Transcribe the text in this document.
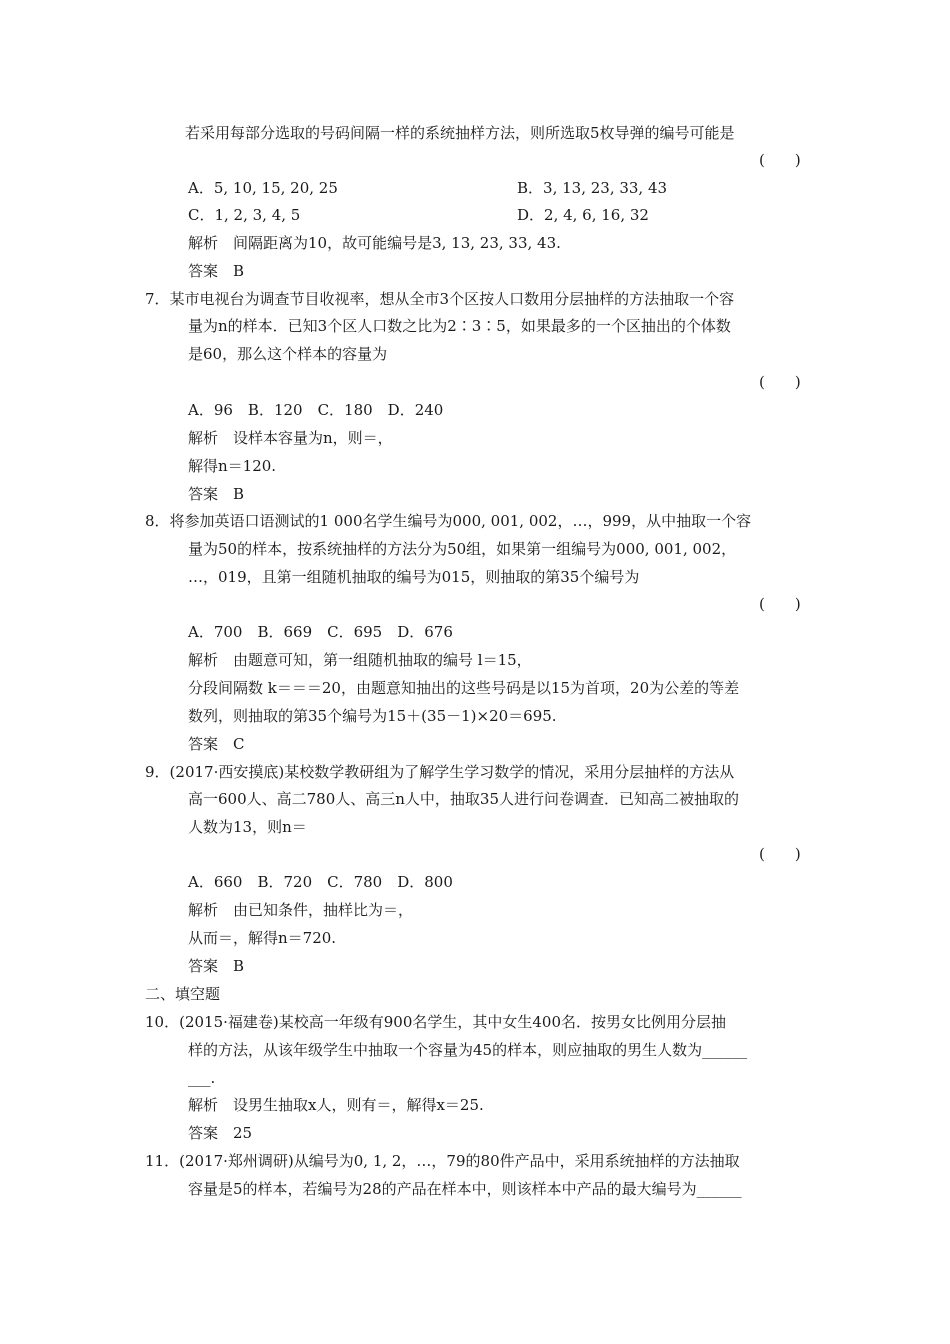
若采用每部分选取的号码间隔一样的系统抽样方法，则所选取5枚导弹的编号可能是
(　　)
A．5, 10, 15, 20, 25	B．3, 13, 23, 33, 43
C．1, 2, 3, 4, 5	D．2, 4, 6, 16, 32
解析　间隔距离为10，故可能编号是3, 13, 23, 33, 43.
答案　B
7．某市电视台为调查节目收视率，想从全市3个区按人口数用分层抽样的方法抽取一个容
量为n的样本．已知3个区人口数之比为2∶3∶5，如果最多的一个区抽出的个体数
是60，那么这个样本的容量为
(　　)
A．96　B．120　C．180　D．240
解析　设样本容量为n，则＝，
解得n＝120.
答案　B
8．将参加英语口语测试的1 000名学生编号为000, 001, 002，…，999，从中抽取一个容
量为50的样本，按系统抽样的方法分为50组，如果第一组编号为000, 001, 002，
…，019，且第一组随机抽取的编号为015，则抽取的第35个编号为
(　　)
A．700　B．669　C．695　D．676
解析　由题意可知，第一组随机抽取的编号 l＝15，
分段间隔数 k＝＝＝20，由题意知抽出的这些号码是以15为首项，20为公差的等差
数列，则抽取的第35个编号为15＋(35－1)×20＝695.
答案　C
9．(2017·西安摸底)某校数学教研组为了解学生学习数学的情况，采用分层抽样的方法从
高一600人、高二780人、高三n人中，抽取35人进行问卷调查．已知高二被抽取的
人数为13，则n＝
(　　)
A．660　B．720　C．780　D．800
解析　由已知条件，抽样比为＝，
从而＝，解得n＝720.
答案　B
二、填空题
10．(2015·福建卷)某校高一年级有900名学生，其中女生400名．按男女比例用分层抽
样的方法，从该年级学生中抽取一个容量为45的样本，则应抽取的男生人数为______
___.
解析　设男生抽取x人，则有＝，解得x＝25.
答案　25
11．(2017·郑州调研)从编号为0, 1, 2，…，79的80件产品中，采用系统抽样的方法抽取
容量是5的样本，若编号为28的产品在样本中，则该样本中产品的最大编号为______
